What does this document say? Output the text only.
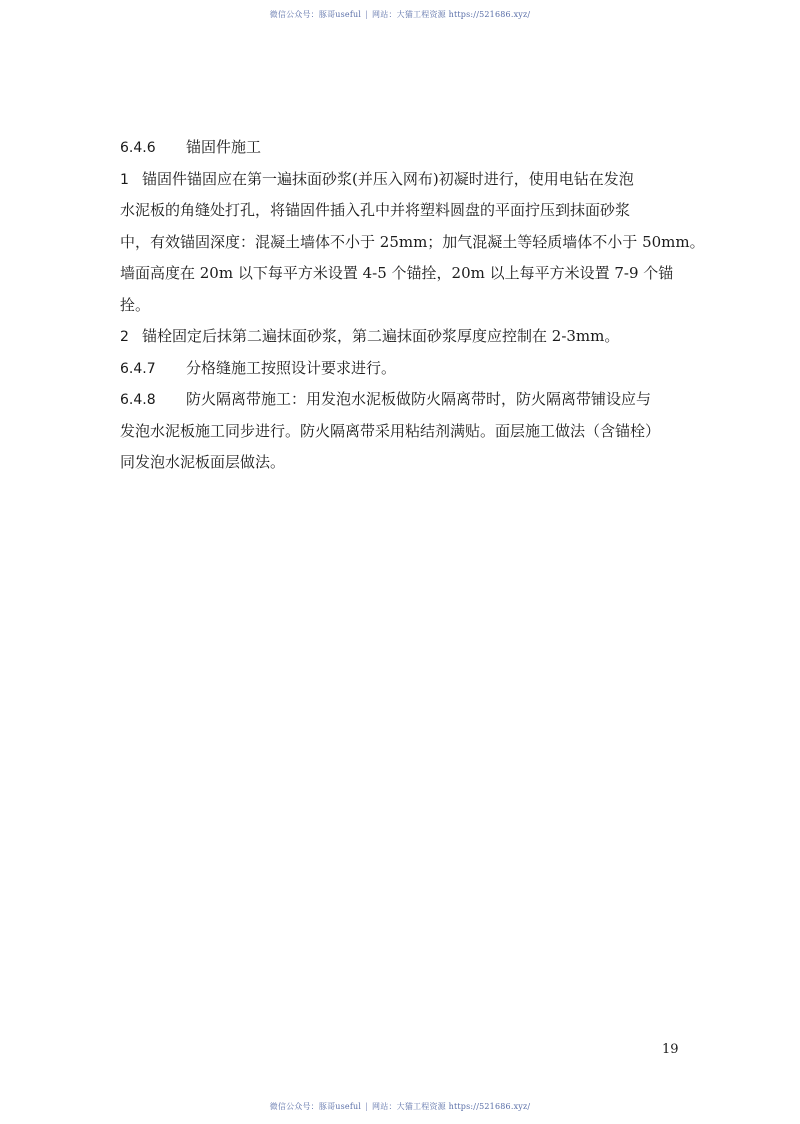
微信公众号：豚哥useful | 网站：大猫工程资源 https://521686.xyz/
6.4.6 锚固件施工
1 锚固件锚固应在第一遍抹面砂浆(并压入网布)初凝时进行，使用电钻在发泡
水泥板的角缝处打孔，将锚固件插入孔中并将塑料圆盘的平面拧压到抹面砂浆
中，有效锚固深度：混凝土墙体不小于 25mm；加气混凝土等轻质墙体不小于 50mm。
墙面高度在 20m 以下每平方米设置 4-5 个锚拴，20m 以上每平方米设置 7-9 个锚
拴。
2 锚栓固定后抹第二遍抹面砂浆，第二遍抹面砂浆厚度应控制在 2-3mm。
6.4.7 分格缝施工按照设计要求进行。
6.4.8 防火隔离带施工：用发泡水泥板做防火隔离带时，防火隔离带铺设应与
发泡水泥板施工同步进行。防火隔离带采用粘结剂满贴。面层施工做法（含锚栓）
同发泡水泥板面层做法。
19
微信公众号：豚哥useful | 网站：大猫工程资源 https://521686.xyz/
